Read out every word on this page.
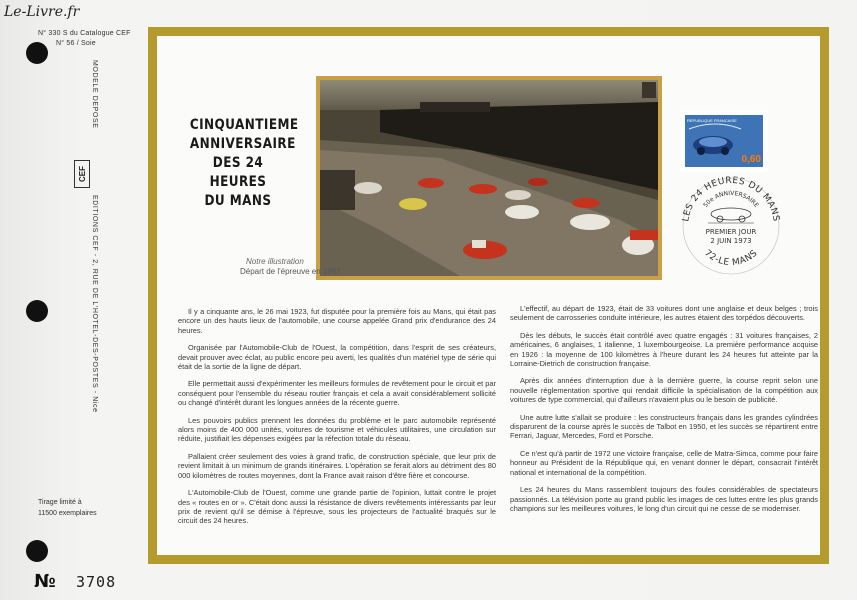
Le-Livre.fr
N° 330 S du Catalogue CEF
N° 56 / Soie
MODELE DEPOSE
CEF
EDITIONS CEF - 2, RUE DE L'HOTEL-DES-POSTES - Nice
Tirage limité à
11500 exemplaires
№ 3708
CINQUANTIEME
ANNIVERSAIRE
DES 24 HEURES
DU MANS
Notre illustration
Départ de l'épreuve en 1967
REPUBLIQUE FRANCAISE
0,60
LES 24 HEURES DU MANS
50e ANNIVERSAIRE
PREMIER JOUR
2 JUIN 1973
72-LE MANS

Il y a cinquante ans, le 26 mai 1923, fut disputée pour la première fois au Mans, qui était pas encore un des hauts lieux de l'automobile, une course appelée Grand prix d'endurance des 24 heures.

Organisée par l'Automobile-Club de l'Ouest, la compétition, dans l'esprit de ses créateurs, devait prouver avec éclat, au public encore peu averti, les qualités d'un matériel type de série qui était de la sortie de la ligne de départ.

Elle permettait aussi d'expérimenter les meilleurs formules de revêtement pour le circuit et par conséquent pour l'ensemble du réseau routier français et cela a avait considérablement sollicité ou changé d'intérêt durant les longues années de la récente guerre.

Les pouvoirs publics prennent les données du problème et le parc automobile représenté alors moins de 400 000 unités, voitures de tourisme et véhicules utilitaires, une circulation sur réduite, justifiait les dépenses exigées par la réfection totale du réseau.

Pallaient créer seulement des voies à grand trafic, de construction spéciale, que leur prix de revient limitait à un minimum de grands itinéraires. L'opération se ferait alors au détriment des 80 000 kilomètres de routes moyennes, dont la France avait raison d'être fière et concourse.

L'Automobile-Club de l'Ouest, comme une grande partie de l'opinion, luttait contre le projet des « routes en or ». C'était donc aussi la résistance de divers revêtements intéressants par leur prix de revient qu'il se démise à l'épreuve, sous les projecteurs de l'actualité braqués sur le circuit des 24 heures.

L'effectif, au départ de 1923, était de 33 voitures dont une anglaise et deux belges ; trois seulement de carrosseries conduite intérieure, les autres étaient des torpédos découverts.

Dès les débuts, le succès était contrôlé avec quatre engagés : 31 voitures françaises, 2 américaines, 6 anglaises, 1 italienne, 1 luxembourgeoise. La première performance acquise en 1926 : la moyenne de 100 kilomètres à l'heure durant les 24 heures fut atteinte par la Lorraine-Dietrich de construction française.

Après dix années d'interruption due à la dernière guerre, la course reprit selon une nouvelle réglementation sportive qui rendait difficile la spécialisation de la compétition aux voitures de type commercial, qui d'ailleurs n'avaient plus ou le besoin de publicité.

Une autre lutte s'allait se produire : les constructeurs français dans les grandes cylindrées disparurent de la course après le succès de Talbot en 1950, et les succès se répartirent entre Ferrari, Jaguar, Mercedes, Ford et Porsche.

Ce n'est qu'à partir de 1972 une victoire française, celle de Matra-Simca, comme pour faire honneur au Président de la République qui, en venant donner le départ, consacrait l'intérêt national et international de la compétition.

Les 24 heures du Mans rassemblent toujours des foules considérables de spectateurs passionnés. La télévision porte au grand public les images de ces luttes entre les plus grands champions sur les meilleures voitures, le long d'un circuit qui ne cesse de se moderniser.
